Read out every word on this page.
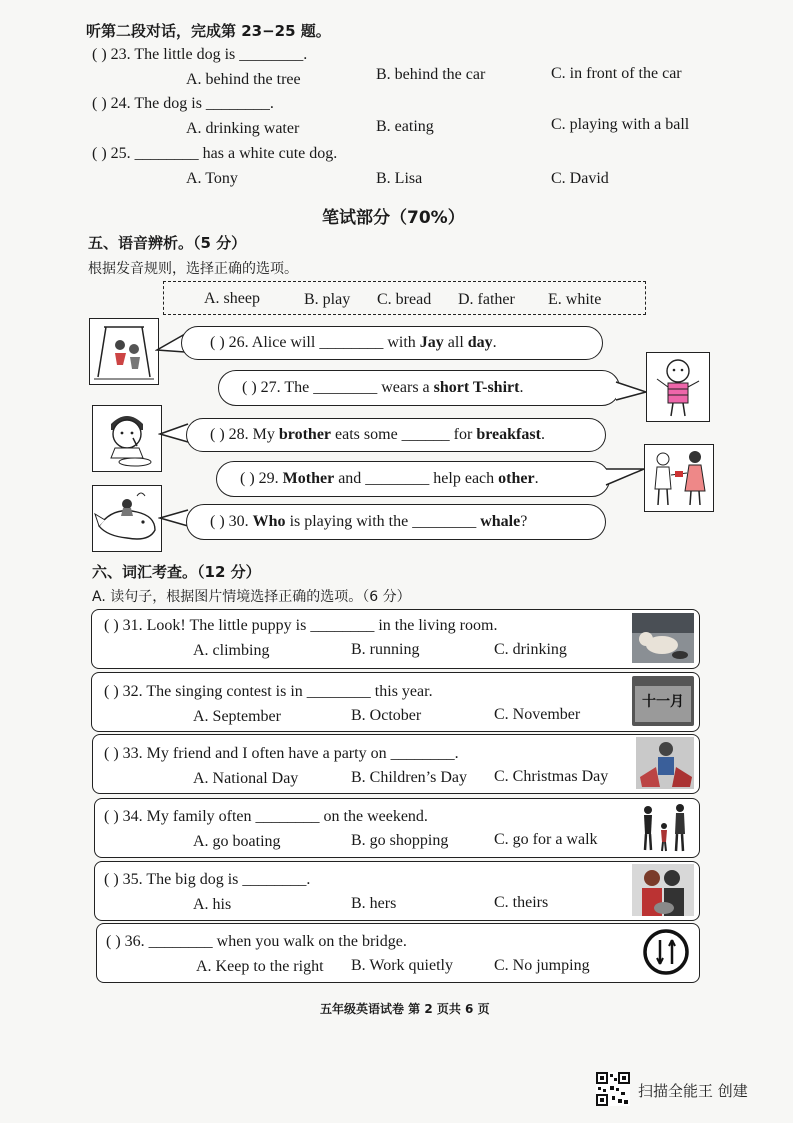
听第二段对话，完成第 23−25 题。
( ) 23. The little dog is ________.
A. behind the tree	B. behind the car	C. in front of the car
( ) 24. The dog is ________.
A. drinking water	B. eating	C. playing with a ball
( ) 25. ________ has a white cute dog.
A. Tony	B. Lisa	C. David
笔试部分（70%）
五、语音辨析。（5 分）
根据发音规则，选择正确的选项。
A. sheep	B. play C. bread D. father E. white
( ) 26. Alice will ________ with Jay all day.
( ) 27. The ________ wears a short T-shirt.
( ) 28. My brother eats some ______ for breakfast.
( ) 29. Mother and ________ help each other.
( ) 30. Who is playing with the ________ whale?
六、词汇考查。（12 分）
A. 读句子，根据图片情境选择正确的选项。（6 分）
( ) 31. Look! The little puppy is ________ in the living room.
A. climbing	B. running	C. drinking
( ) 32. The singing contest is in ________ this year.
A. September	B. October	C. November
十一月
( ) 33. My friend and I often have a party on ________.
A. National Day	B. Children’s Day C. Christmas Day
( ) 34. My family often ________ on the weekend.
A. go boating	B. go shopping	C. go for a walk
( ) 35. The big dog is ________.
A. his	B. hers	C. theirs
( ) 36. ________ when you walk on the bridge.
A. Keep to the right B. Work quietly	C. No jumping
五年级英语试卷 第 2 页共 6 页
扫描全能王 创建
